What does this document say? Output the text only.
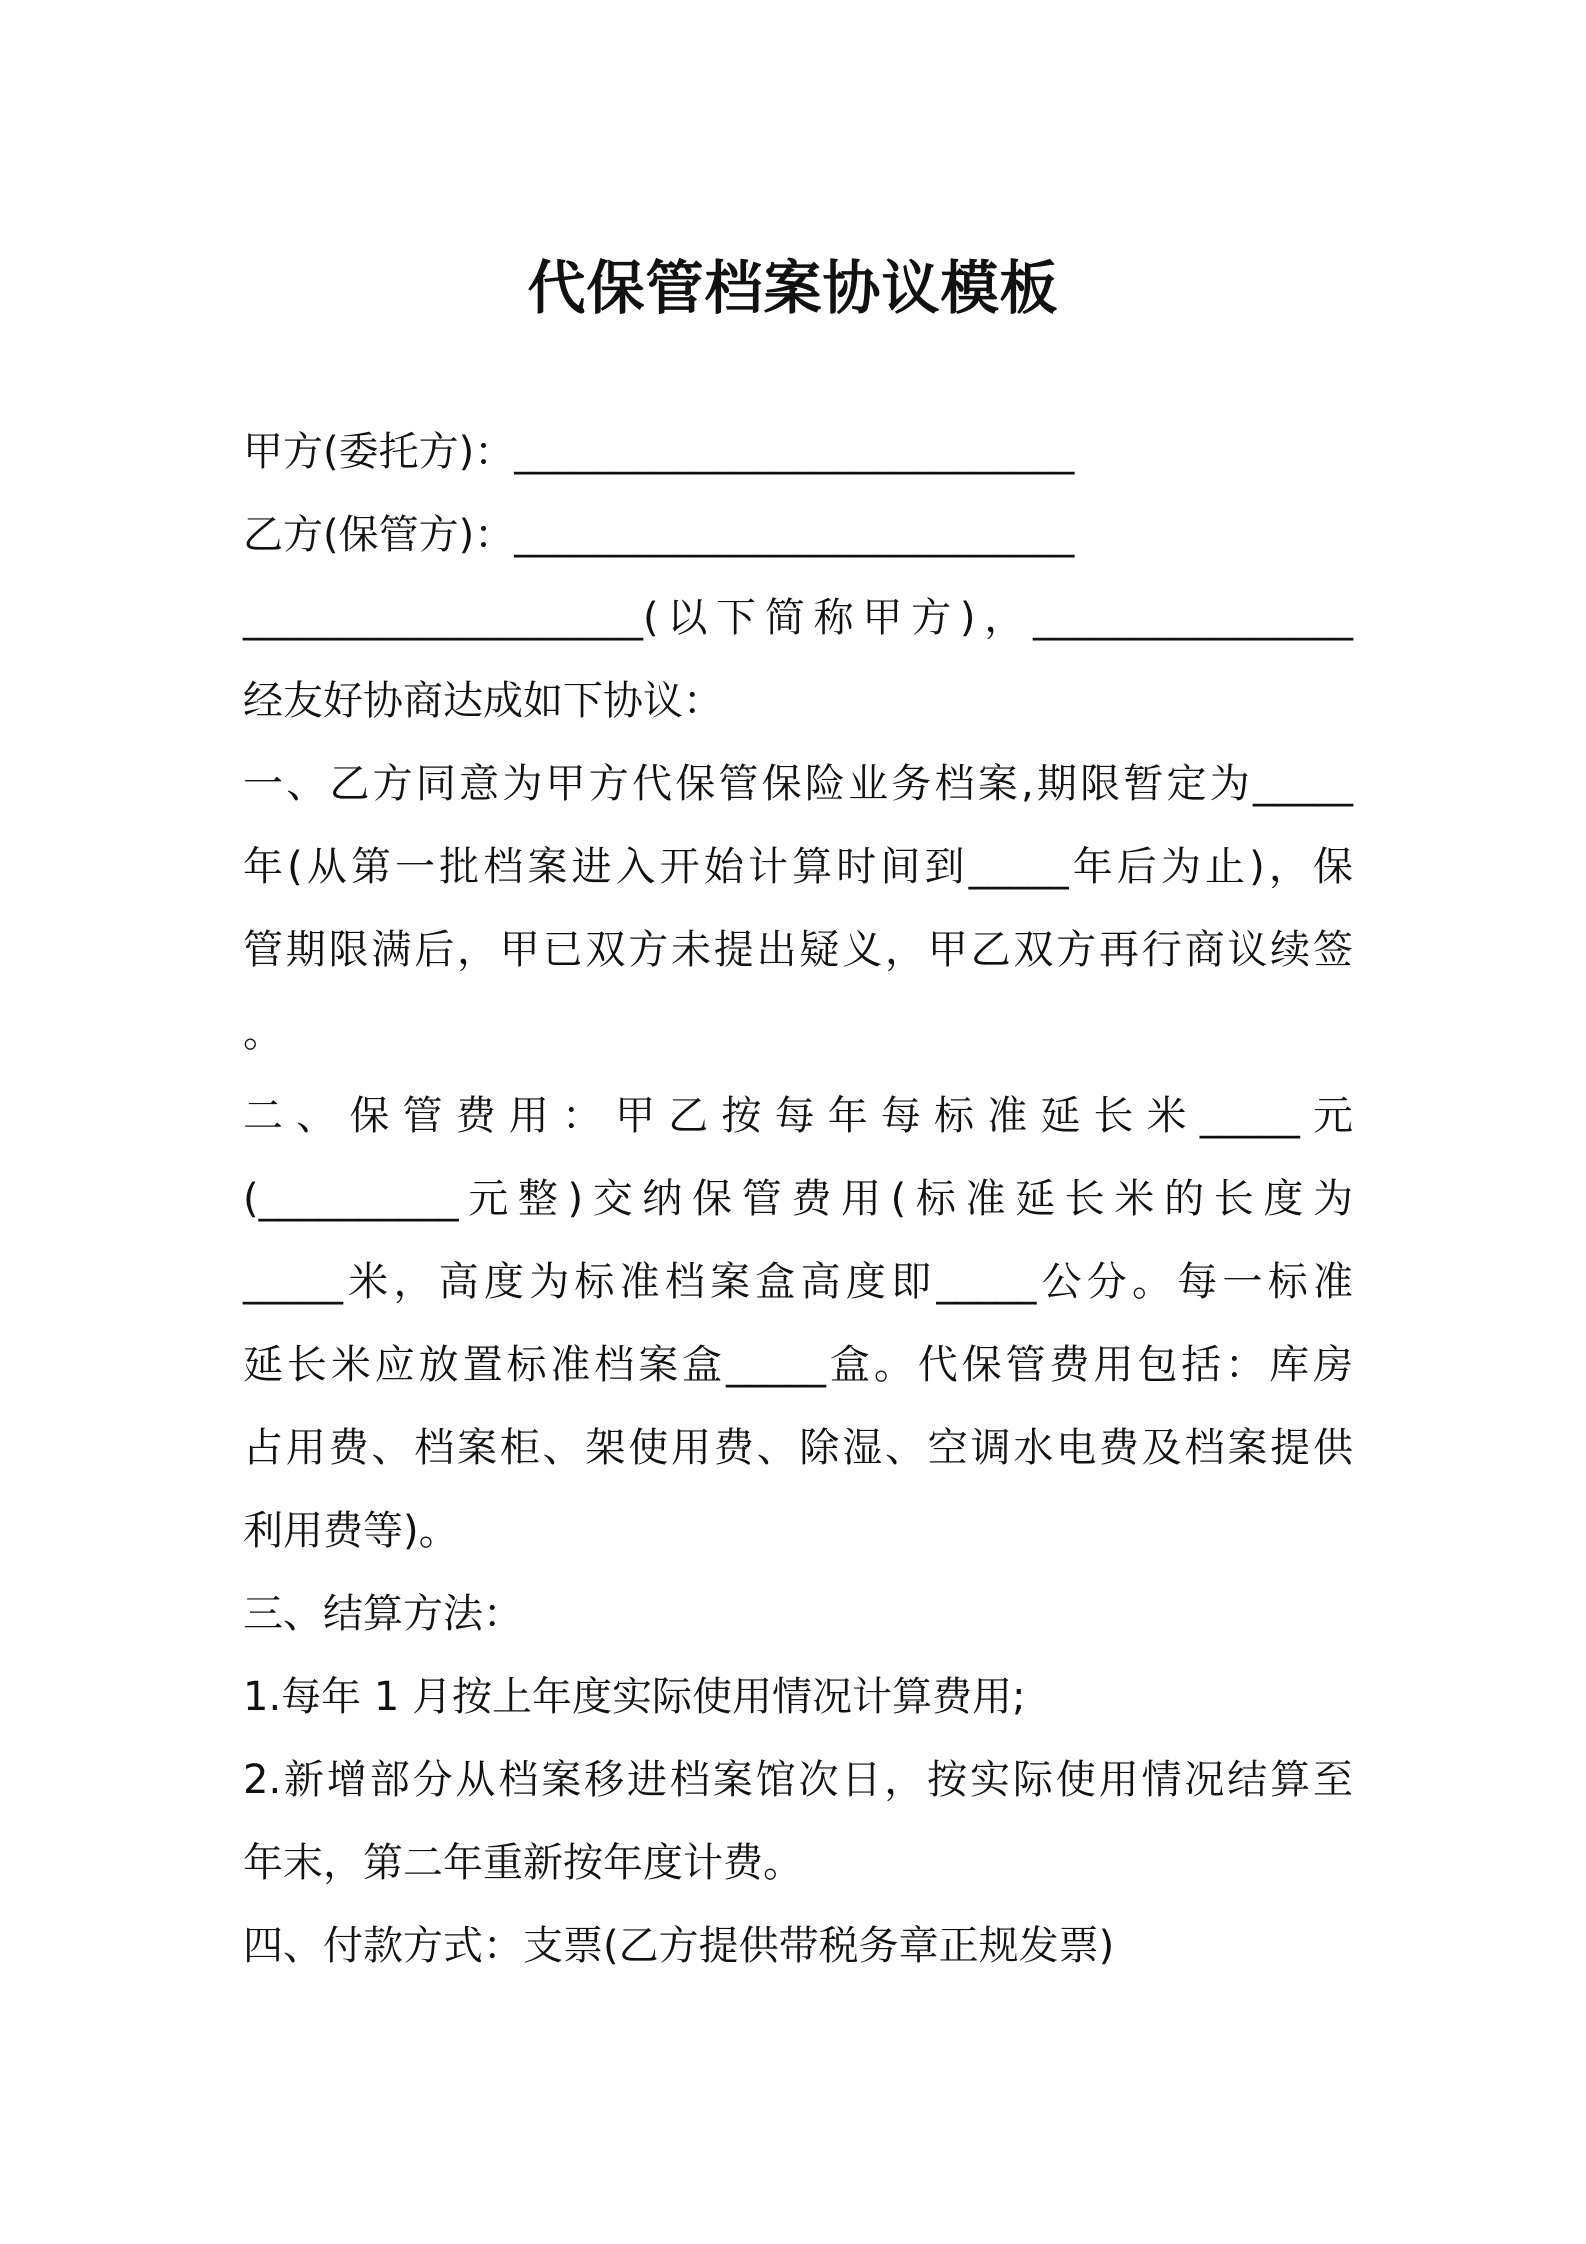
代保管档案协议模板
甲方(委托方)：____________________________
乙方(保管方)：____________________________
____________________(以下简称甲方)，________________
经友好协商达成如下协议：
一、乙方同意为甲方代保管保险业务档案,期限暂定为_____
年(从第一批档案进入开始计算时间到_____年后为止)，保
管期限满后，甲已双方未提出疑义，甲乙双方再行商议续签
。
二、保管费用：甲乙按每年每标准延长米_____元
(__________元整)交纳保管费用(标准延长米的长度为
_____米，高度为标准档案盒高度即_____公分。每一标准
延长米应放置标准档案盒_____盒。代保管费用包括：库房
占用费、档案柜、架使用费、除湿、空调水电费及档案提供
利用费等)。
三、结算方法：
1.每年 1 月按上年度实际使用情况计算费用;
2.新增部分从档案移进档案馆次日，按实际使用情况结算至
年末，第二年重新按年度计费。
四、付款方式：支票(乙方提供带税务章正规发票)
